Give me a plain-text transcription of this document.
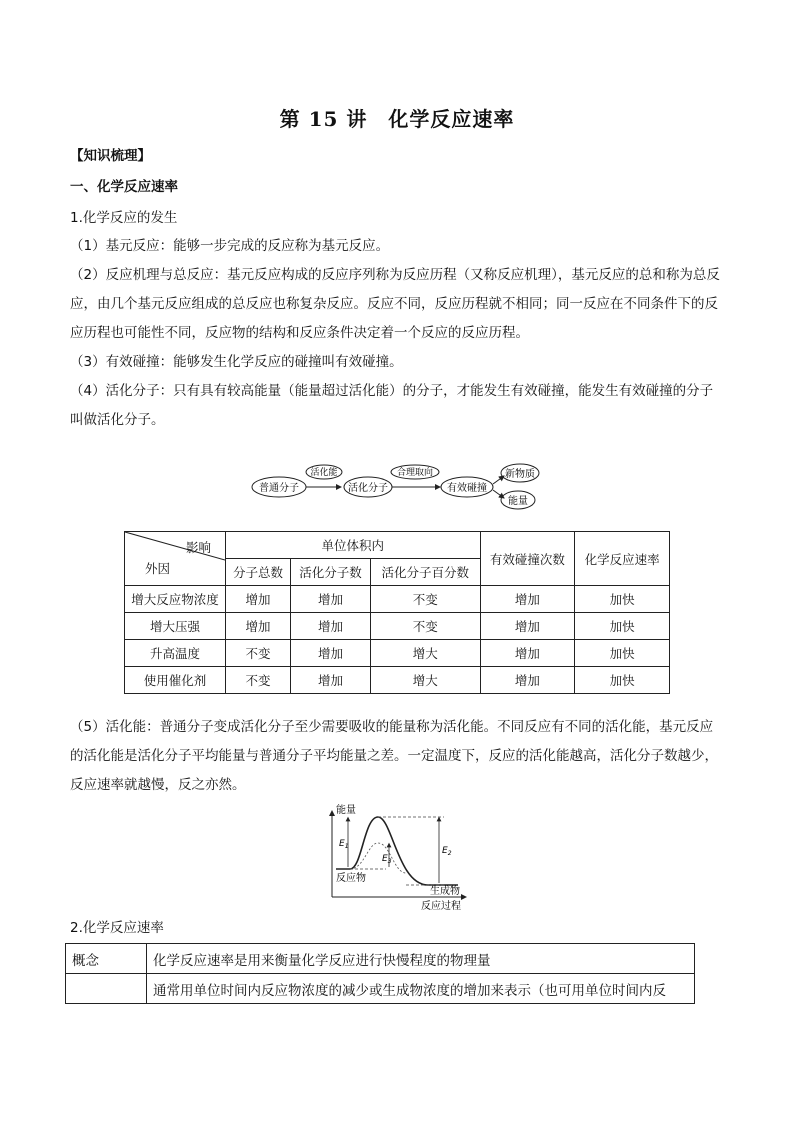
第 15 讲　化学反应速率
【知识梳理】
一、化学反应速率
1.化学反应的发生

（1）基元反应：能够一步完成的反应称为基元反应。

（2）反应机理与总反应：基元反应构成的反应序列称为反应历程（又称反应机理），基元反应的总和称为总反应，由几个基元反应组成的总反应也称复杂反应。反应不同，反应历程就不相同；同一反应在不同条件下的反应历程也可能性不同，反应物的结构和反应条件决定着一个反应的反应历程。

（3）有效碰撞：能够发生化学反应的碰撞叫有效碰撞。

（4）活化分子：只有具有较高能量（能量超过活化能）的分子，才能发生有效碰撞，能发生有效碰撞的分子叫做活化分子。

普通分子
活化能
活化分子
合理取向
有效碰撞
新物质
能量
影响
外因	单位体积内			有效碰撞次数	化学反应速率
	分子总数	活化分子数	活化分子百分数		
增大反应物浓度	增加	增加	不变	增加	加快
增大压强	增加	增加	不变	增加	加快
升高温度	不变	增加	增大	增加	加快
使用催化剂	不变	增加	增大	增加	加快

（5）活化能：普通分子变成活化分子至少需要吸收的能量称为活化能。不同反应有不同的活化能，基元反应的活化能是活化分子平均能量与普通分子平均能量之差。一定温度下，反应的活化能越高，活化分子数越少，反应速率就越慢，反之亦然。

能量
反应过程
$E_1$
$E_3$
$E_2$
反应物
生成物
2.化学反应速率
概念	化学反应速率是用来衡量化学反应进行快慢程度的物理量
	通常用单位时间内反应物浓度的减少或生成物浓度的增加来表示（也可用单位时间内反
